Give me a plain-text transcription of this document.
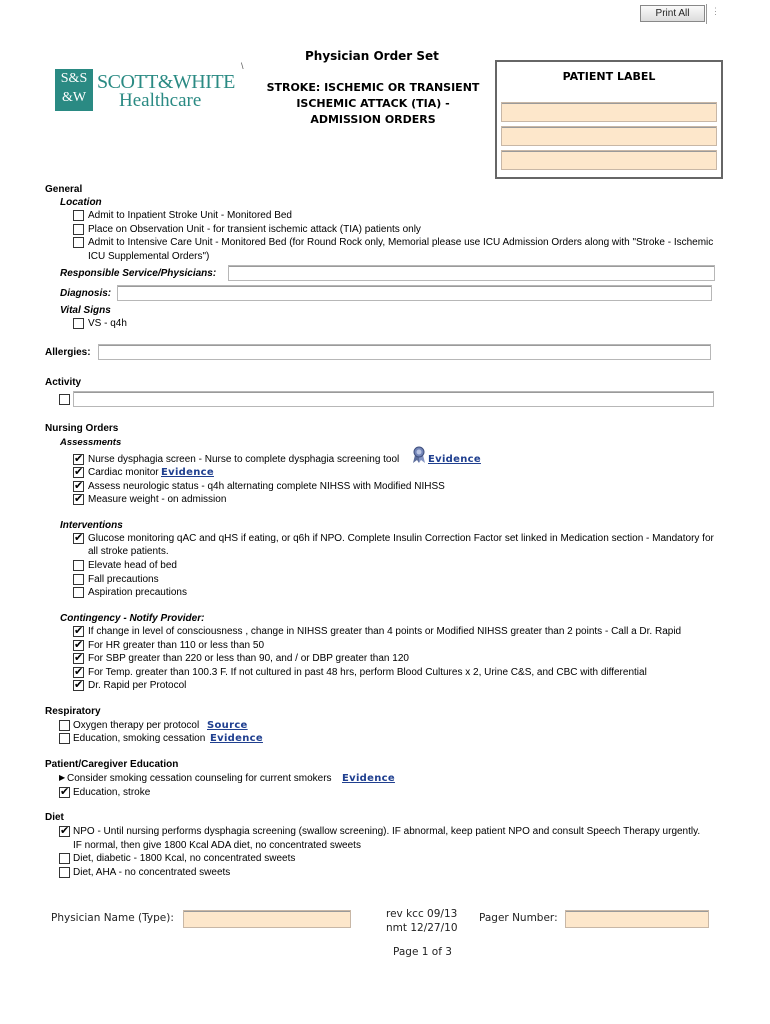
Print All	⋮
S&S
&W
SCOTT&WHITE
Healthcare
Physician Order Set
\
STROKE: ISCHEMIC OR TRANSIENT
ISCHEMIC ATTACK (TIA) -
ADMISSION ORDERS
PATIENT LABEL
General
Location
Admit to Inpatient Stroke Unit - Monitored Bed
Place on Observation Unit - for transient ischemic attack (TIA) patients only
Admit to Intensive Care Unit - Monitored Bed (for Round Rock only, Memorial please use ICU Admission Orders along with "Stroke - Ischemic
ICU Supplemental Orders")
Responsible Service/Physicians:
Diagnosis:
Vital Signs
VS - q4h
Allergies:
Activity
Nursing Orders
Assessments
✔
Nurse dysphagia screen - Nurse to complete dysphagia screening tool	Evidence
✔
Cardiac monitor Evidence
✔
Assess neurologic status - q4h alternating complete NIHSS with Modified NIHSS
✔
Measure weight - on admission
Interventions
✔
Glucose monitoring qAC and qHS if eating, or q6h if NPO. Complete Insulin Correction Factor set linked in Medication section - Mandatory for
all stroke patients.
Elevate head of bed
Fall precautions
Aspiration precautions
Contingency - Notify Provider:
✔
If change in level of consciousness , change in NIHSS greater than 4 points or Modified NIHSS greater than 2 points - Call a Dr. Rapid
✔
For HR greater than 110 or less than 50
✔
For SBP greater than 220 or less than 90, and / or DBP greater than 120
✔
For Temp. greater than 100.3 F. If not cultured in past 48 hrs, perform Blood Cultures x 2, Urine C&S, and CBC with differential
✔
Dr. Rapid per Protocol
Respiratory
Oxygen therapy per protocol Source
Education, smoking cessation Evidence
Patient/Caregiver Education
▶ Consider smoking cessation counseling for current smokers Evidence
✔
Education, stroke
Diet
✔
NPO - Until nursing performs dysphagia screening (swallow screening). IF abnormal, keep patient NPO and consult Speech Therapy urgently.
IF normal, then give 1800 Kcal ADA diet, no concentrated sweets
Diet, diabetic - 1800 Kcal, no concentrated sweets
Diet, AHA - no concentrated sweets
Physician Name (Type):	rev kcc 09/13
nmt 12/27/10
Pager Number:
Page 1 of 3
